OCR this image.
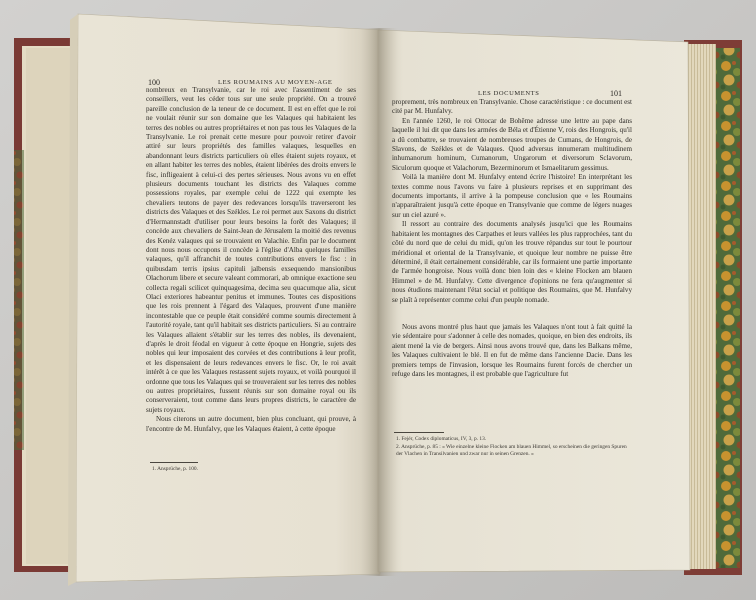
100	LES ROUMAINS AU MOYEN-AGE

nombreux en Transylvanie, car le roi avec l'assentiment de ses conseillers, veut les céder tous sur une seule propriété. On a trouvé pareille conclusion de la teneur de ce document. Il est en effet que le roi ne voulait réunir sur son domaine que les Valaques qui habitaient les terres des nobles ou autres propriétaires et non pas tous les Valaques de la Transylvanie. Le roi prenait cette mesure pour pouvoir retirer d'avoir attiré sur leurs propriétés des familles valaques, lesquelles en abandonnant leurs districts particuliers où elles étaient sujets royaux, et en allant habiter les terres des nobles, étaient libérées des droits envers le fisc, infligeaient à celui-ci des pertes sérieuses. Nous avons vu en effet plusieurs documents touchant les districts des Valaques comme possessions royales, par exemple celui de 1222 qui exempte les chevaliers teutons de payer des redevances lorsqu'ils traverseront les districts des Valaques et des Székles. Le roi permet aux Saxons du district d'Hermannstadt d'utiliser pour leurs besoins la forêt des Valaques; il concède aux chevaliers de Saint-Jean de Jérusalem la moitié des revenus des Kenéz valaques qui se trouvaient en Valachie. Enfin par le document dont nous nous occupons il concède à l'église d'Alba quelques familles valaques, qu'il affranchit de toutes contributions envers le fisc : in quibusdam terris ipsius capituli jalbensis exsequendo mansionibus Olachorum libere et secure valeant commorari, ab omnique exactione seu collecta regali scilicet quinquagesima, decima seu quacumque alia, sicut Olaci exteriores habeantur penitus et immunes. Toutes ces dispositions que les rois prennent à l'égard des Valaques, prouvent d'une manière incontestable que ce peuple était considéré comme soumis directement à l'autorité royale, tant qu'il habitait ses districts particuliers. Si au contraire les Valaques allaient s'établir sur les terres des nobles, ils devenaient, d'après le droit féodal en vigueur à cette époque en Hongrie, sujets des nobles qui leur imposaient des corvées et des contributions à leur profit, et les dispensaient de leurs redevances envers le fisc. Or, le roi avait intérêt à ce que les Valaques restassent sujets royaux, et voilà pourquoi il ordonne que tous les Valaques qui se trouveraient sur les terres des nobles ou autres propriétaires, fussent réunis sur son domaine royal ou ils conserveraient, tout comme dans leurs propres districts, le caractère de sujets royaux.

Nous citerons un autre document, bien plus concluant, qui prouve, à l'encontre de M. Hunfalvy, que les Valaques étaient, à cette époque

1. Ansprüche, p. 100.
LES DOCUMENTS	101

proprement, très nombreux en Transylvanie. Chose caractéristique : ce document est cité par M. Hunfalvy.

En l'année 1260, le roi Ottocar de Bohême adresse une lettre au pape dans laquelle il lui dit que dans les armées de Béla et d'Étienne V, rois des Hongrois, qu'il a dû combattre, se trouvaient de nombreuses troupes de Cumans, de Hongrois, de Slavons, de Székles et de Valaques. Quod adversus innumeram multitudinem inhumanorum hominum, Cumanorum, Ungarorum et diversorum Sclavorum, Siculorum quoque et Valachorum, Bezerminorum et Ismaelitarum gessimus.

Voilà la manière dont M. Hunfalvy entend écrire l'histoire! En interprétant les textes comme nous l'avons vu faire à plusieurs reprises et en supprimant des documents importants, il arrive à la pompeuse conclusion que « les Roumains n'apparaîtraient jusqu'à cette époque en Transylvanie que comme de légers nuages sur un ciel azuré ».

Il ressort au contraire des documents analysés jusqu'ici que les Roumains habitaient les montagnes des Carpathes et leurs vallées les plus rapprochées, tant du côté du nord que de celui du midi, qu'on les trouve répandus sur tout le pourtour méridional et oriental de la Transylvanie, et quoique leur nombre ne puisse être déterminé, il était certainement considérable, car ils formaient une partie importante de l'armée hongroise. Nous voilà donc bien loin des « kleine Flocken am blauen Himmel » de M. Hunfalvy. Cette divergence d'opinions ne fera qu'augmenter si nous étudions maintenant l'état social et politique des Roumains, que M. Hunfalvy se plaît à représenter comme celui d'un peuple nomade.

Nous avons montré plus haut que jamais les Valaques n'ont tout à fait quitté la vie sédentaire pour s'adonner à celle des nomades, quoique, en bien des endroits, ils aient mené la vie de bergers. Ainsi nous avons trouvé que, dans les Balkans même, les Valaques cultivaient le blé. Il en fut de même dans l'ancienne Dacie. Dans les premiers temps de l'invasion, lorsque les Roumains furent forcés de chercher un refuge dans les montagnes, il est probable que l'agriculture fut

1. Fejér, Codex diplomaticus, IV, 3, p. 13.
2. Ansprüche, p. 85 : « Wie einzelne kleine Flocken am blauen Himmel, so erscheinen die geringen Spuren der Vlachen in Transilvanien und zwar nur in seinen Grenzen. »
